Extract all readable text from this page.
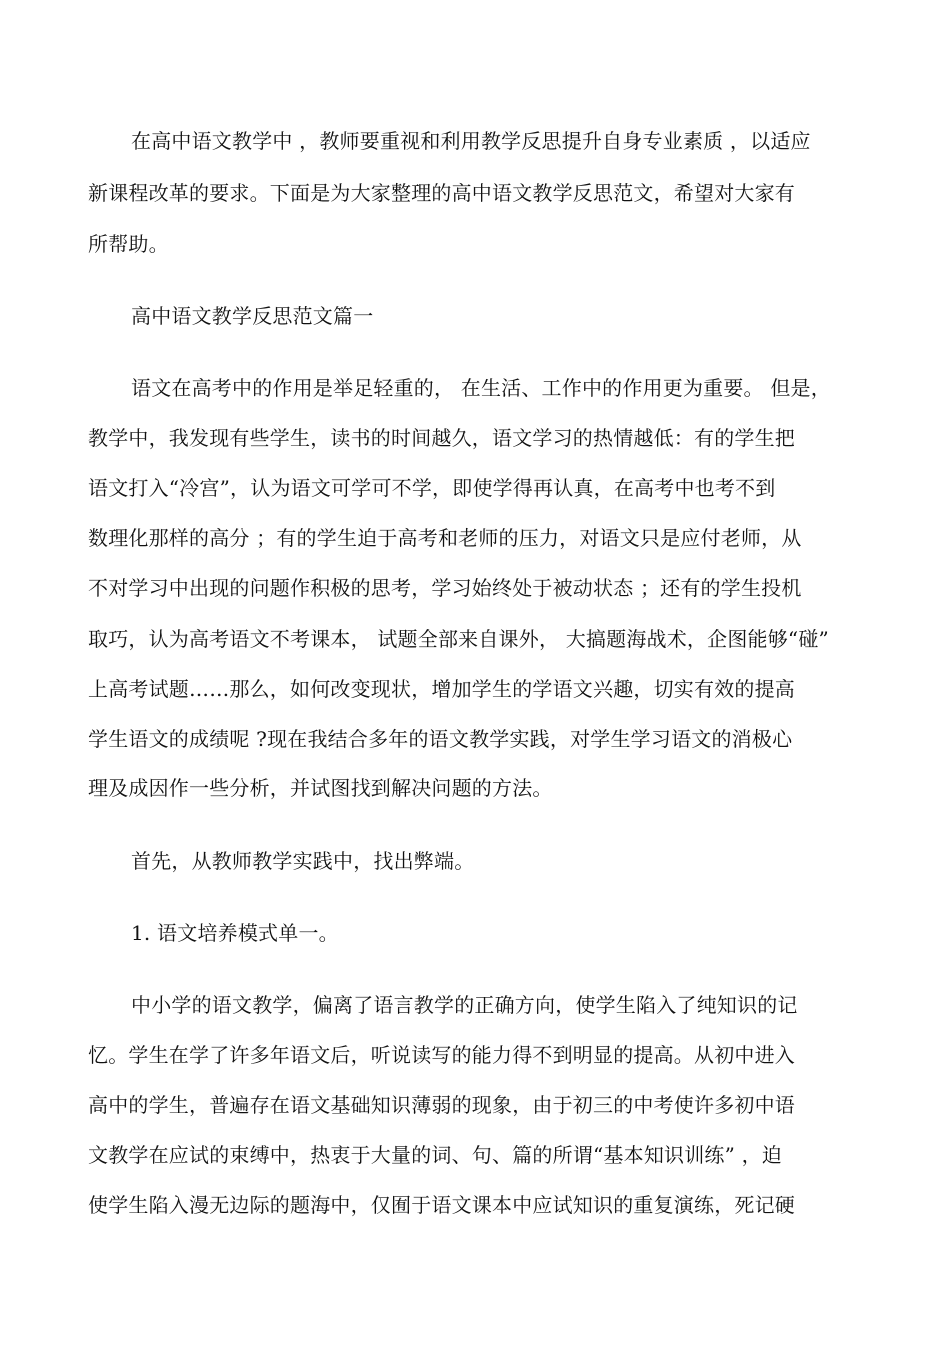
在高中语文教学中 ，教师要重视和利用教学反思提升自身专业素质 ，以适应
新课程改革的要求。下面是为大家整理的高中语文教学反思范文，希望对大家有
所帮助。
高中语文教学反思范文篇一
语文在高考中的作用是举足轻重的， 在生活、工作中的作用更为重要。 但是，
教学中，我发现有些学生，读书的时间越久，语文学习的热情越低：有的学生把
语文打入“冷宫”，认为语文可学可不学，即使学得再认真，在高考中也考不到
数理化那样的高分 ；有的学生迫于高考和老师的压力，对语文只是应付老师，从
不对学习中出现的问题作积极的思考，学习始终处于被动状态 ；还有的学生投机
取巧，认为高考语文不考课本， 试题全部来自课外， 大搞题海战术，企图能够“碰”
上高考试题……那么，如何改变现状，增加学生的学语文兴趣，切实有效的提高
学生语文的成绩呢 ?现在我结合多年的语文教学实践，对学生学习语文的消极心
理及成因作一些分析，并试图找到解决问题的方法。
首先，从教师教学实践中，找出弊端。
1. 语文培养模式单一。
中小学的语文教学，偏离了语言教学的正确方向，使学生陷入了纯知识的记
忆。学生在学了许多年语文后，听说读写的能力得不到明显的提高。从初中进入
高中的学生，普遍存在语文基础知识薄弱的现象，由于初三的中考使许多初中语
文教学在应试的束缚中，热衷于大量的词、句、篇的所谓“基本知识训练” ，迫
使学生陷入漫无边际的题海中，仅囿于语文课本中应试知识的重复演练，死记硬
